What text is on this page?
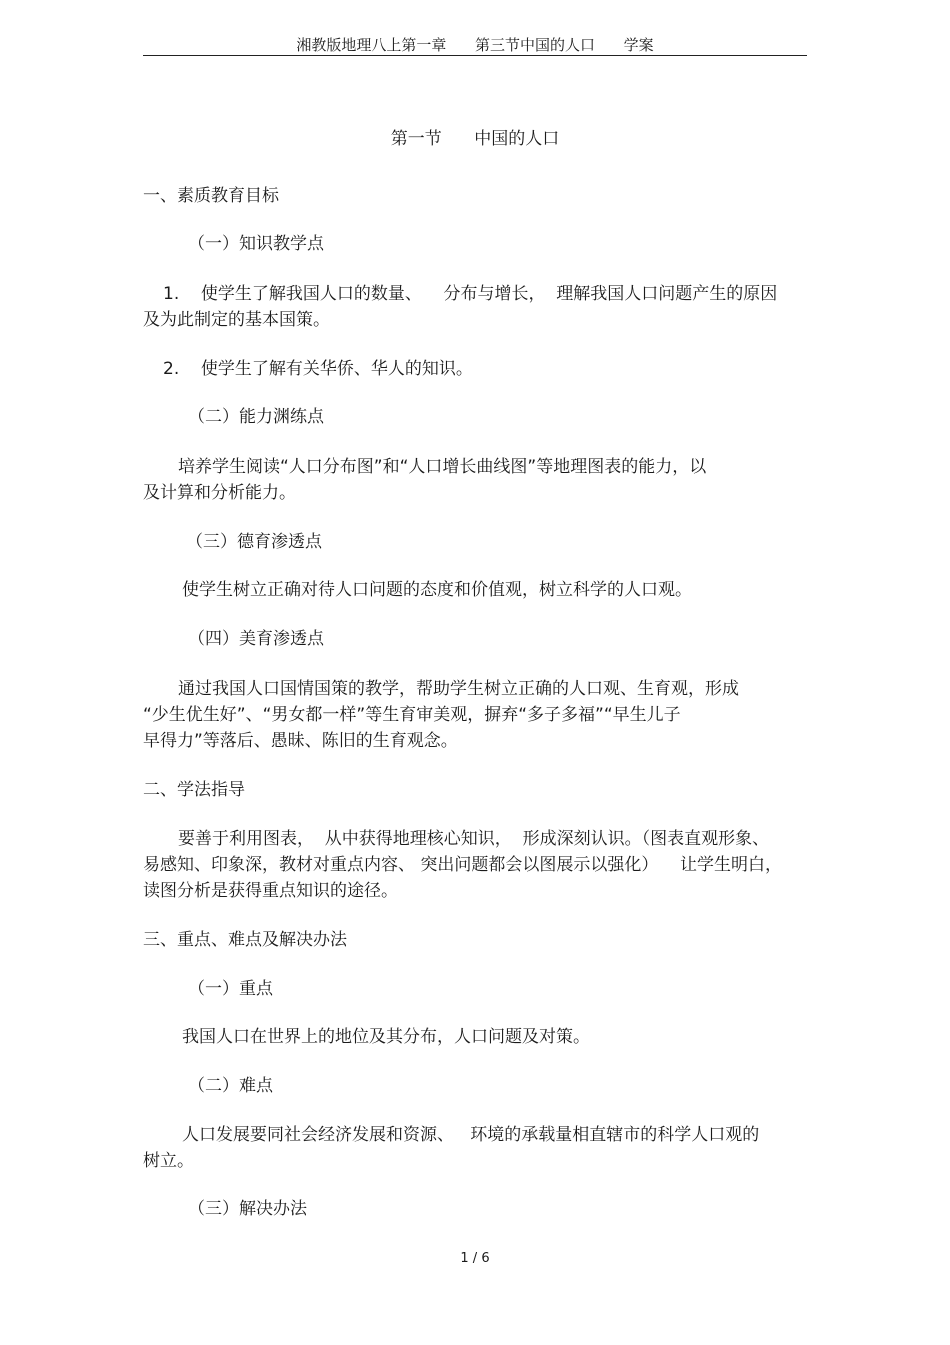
湘教版地理八上第一章      第三节中国的人口      学案
第一节      中国的人口
一、素质教育目标
（一）知识教学点
1.    使学生了解我国人口的数量、    分布与增长，  理解我国人口问题产生的原因
及为此制定的基本国策。
2.    使学生了解有关华侨、华人的知识。
（二）能力渊练点
培养学生阅读“人口分布图”和“人口增长曲线图”等地理图表的能力，以
及计算和分析能力。
（三）德育渗透点
使学生树立正确对待人口问题的态度和价值观，树立科学的人口观。
（四）美育渗透点
通过我国人口国情国策的教学，帮助学生树立正确的人口观、生育观，形成
“少生优生好”、“男女都一样”等生育审美观，摒弃“多子多福”“早生儿子
早得力”等落后、愚昧、陈旧的生育观念。
二、学法指导
要善于利用图表，  从中获得地理核心知识，  形成深刻认识。（图表直观形象、
易感知、印象深，教材对重点内容、 突出问题都会以图展示以强化）    让学生明白，
读图分析是获得重点知识的途径。
三、重点、难点及解决办法
（一）重点
我国人口在世界上的地位及其分布，人口问题及对策。
（二）难点
人口发展要同社会经济发展和资源、   环境的承载量相直辖市的科学人口观的
树立。
（三）解决办法
1 / 6
